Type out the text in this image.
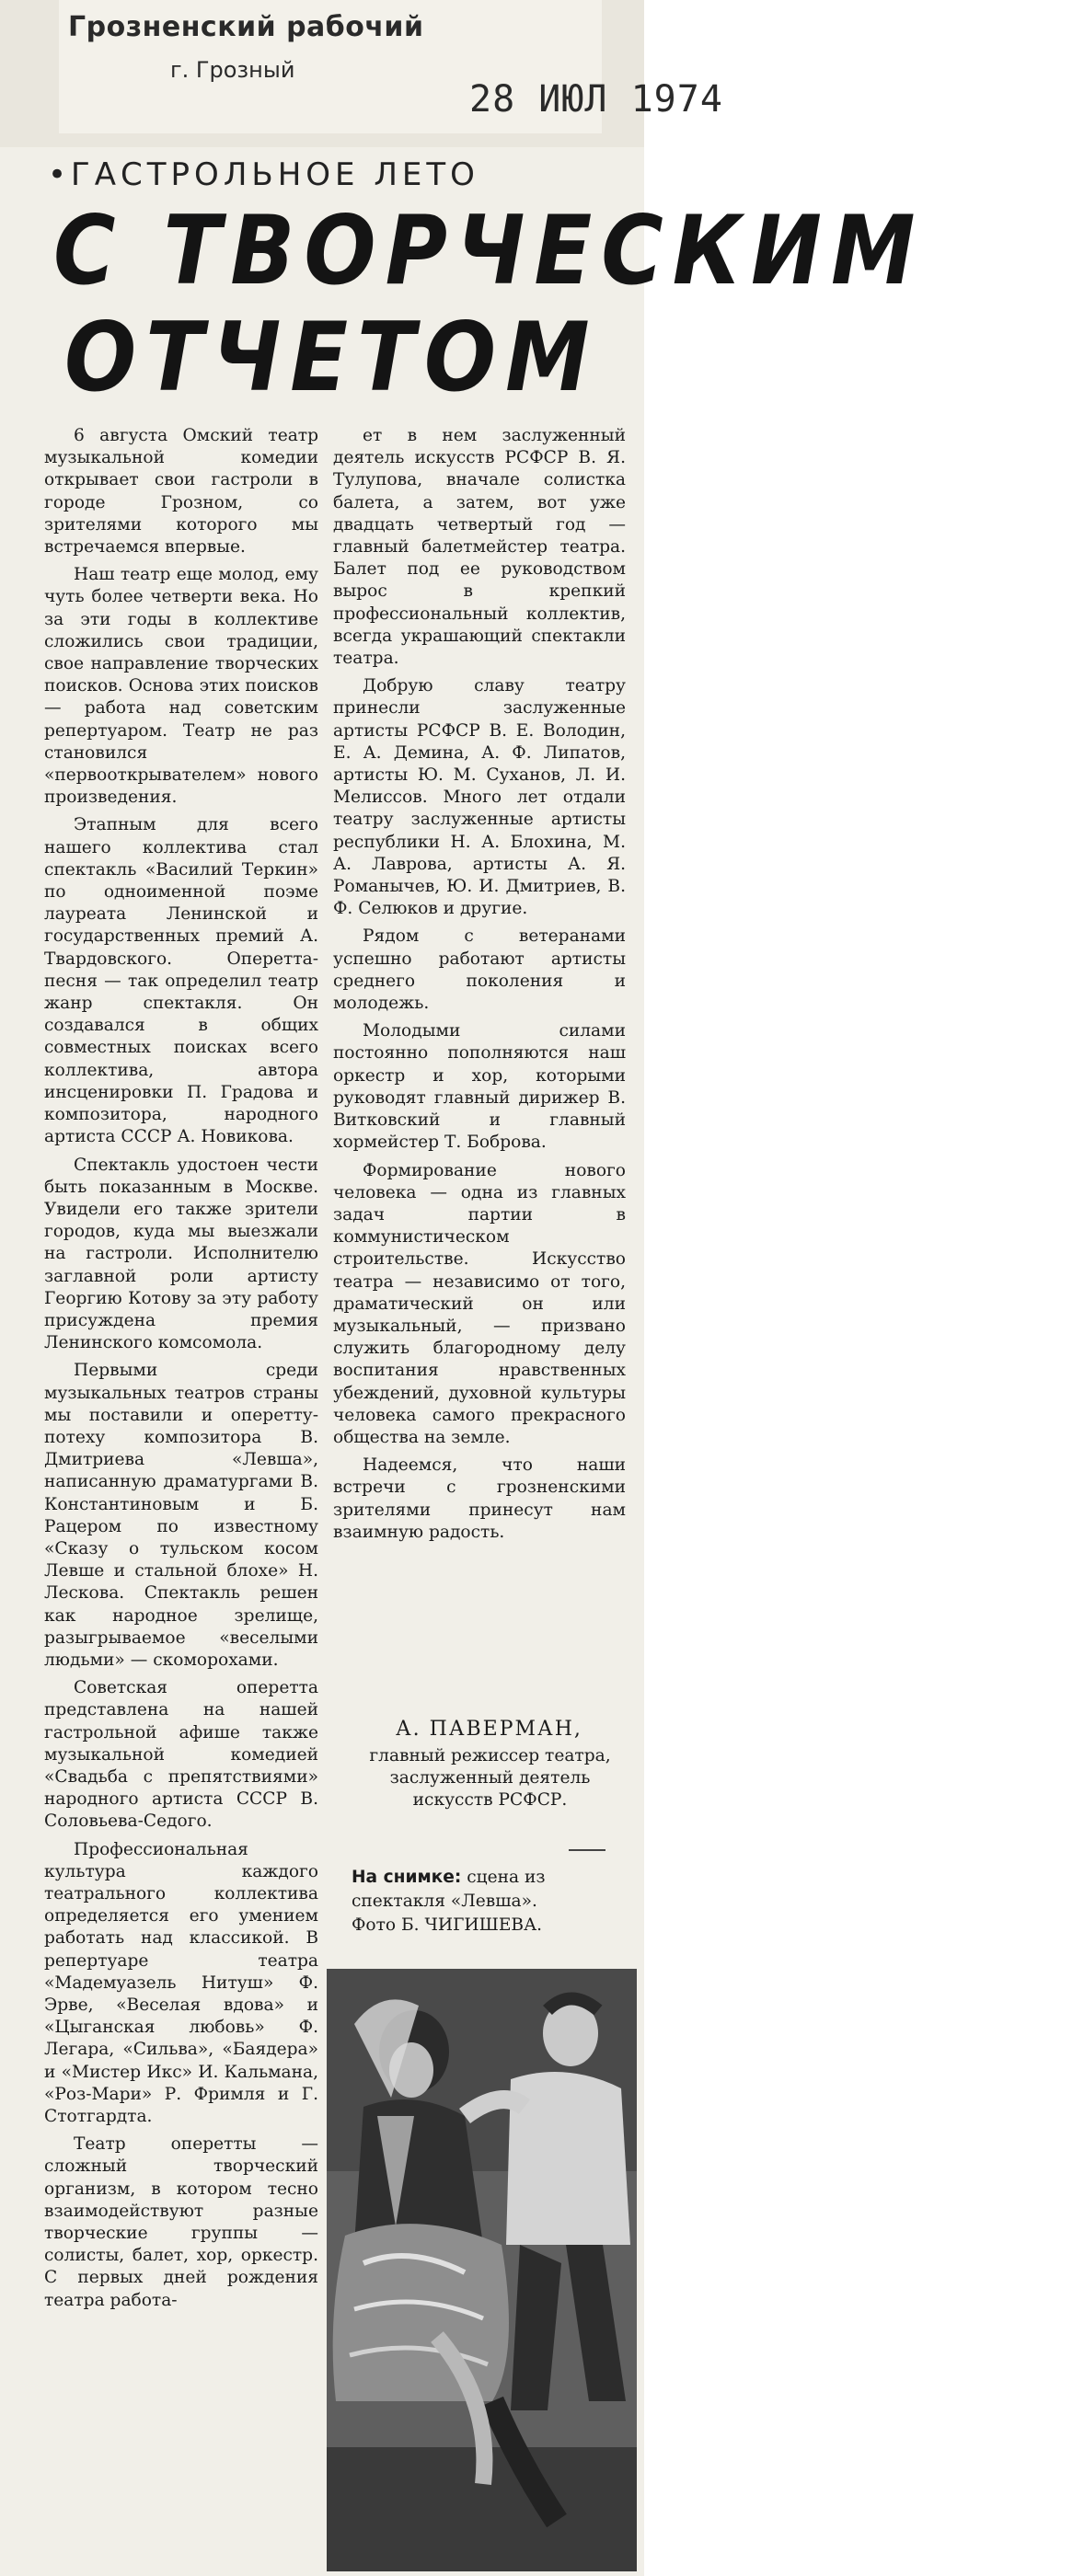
Грозненский рабочий
г. Грозный
28 ИЮЛ 1974
•ГАСТРОЛЬНОЕ ЛЕТО
С ТВОРЧЕСКИМ
ОТЧЕТОМ

6 августа Омский театр музыкальной комедии открывает свои гастроли в городе Грозном, со зрителями которого мы встречаемся впервые.

Наш театр еще молод, ему чуть более четверти века. Но за эти годы в коллективе сложились свои традиции, свое направление творческих поисков. Основа этих поисков — работа над советским репертуаром. Театр не раз становился «первооткрывателем» нового произведения.

Этапным для всего нашего коллектива стал спектакль «Василий Теркин» по одноименной поэме лауреата Ленинской и государственных премий А. Твардовского. Оперетта-песня — так определил театр жанр спектакля. Он создавался в общих совместных поисках всего коллектива, автора инсценировки П. Градова и композитора, народного артиста СССР А. Новикова.

Спектакль удостоен чести быть показанным в Москве. Увидели его также зрители городов, куда мы выезжали на гастроли. Исполнителю заглавной роли артисту Георгию Котову за эту работу присуждена премия Ленинского комсомола.

Первыми среди музыкальных театров страны мы поставили и оперетту-потеху композитора В. Дмитриева «Левша», написанную драматургами В. Константиновым и Б. Рацером по известному «Сказу о тульском косом Левше и стальной блохе» Н. Лескова. Спектакль решен как народное зрелище, разыгрываемое «веселыми людьми» — скоморохами.

Советская оперетта представлена на нашей гастрольной афише также музыкальной комедией «Свадьба с препятствиями» народного артиста СССР В. Соловьева-Седого.

Профессиональная культура каждого театрального коллектива определяется его умением работать над классикой. В репертуаре театра «Мадемуазель Нитуш» Ф. Эрве, «Веселая вдова» и «Цыганская любовь» Ф. Легара, «Сильва», «Баядера» и «Мистер Икс» И. Кальмана, «Роз-Мари» Р. Фримля и Г. Стотгардта.

Театр оперетты — сложный творческий организм, в котором тесно взаимодействуют разные творческие группы — солисты, балет, хор, оркестр. С первых дней рождения театра работа-

ет в нем заслуженный деятель искусств РСФСР В. Я. Тулупова, вначале солистка балета, а затем, вот уже двадцать четвертый год — главный балетмейстер театра. Балет под ее руководством вырос в крепкий профессиональный коллектив, всегда украшающий спектакли театра.

Добрую славу театру принесли заслуженные артисты РСФСР В. Е. Володин, Е. А. Демина, А. Ф. Липатов, артисты Ю. М. Суханов, Л. И. Мелиссов. Много лет отдали театру заслуженные артисты республики Н. А. Блохина, М. А. Лаврова, артисты А. Я. Романычев, Ю. И. Дмитриев, В. Ф. Селюков и другие.

Рядом с ветеранами успешно работают артисты среднего поколения и молодежь.

Молодыми силами постоянно пополняются наш оркестр и хор, которыми руководят главный дирижер В. Витковский и главный хормейстер Т. Боброва.

Формирование нового человека — одна из главных задач партии в коммунистическом строительстве. Искусство театра — независимо от того, драматический он или музыкальный, — призвано служить благородному делу воспитания нравственных убеждений, духовной культуры человека самого прекрасного общества на земле.

Надеемся, что наши встречи с грозненскими зрителями принесут нам взаимную радость.

А. ПАВЕРМАН,
главный режиссер театра, заслуженный деятель искусств РСФСР.
На снимке: сцена из спектакля «Левша».
Фото Б. ЧИГИШЕВА.
